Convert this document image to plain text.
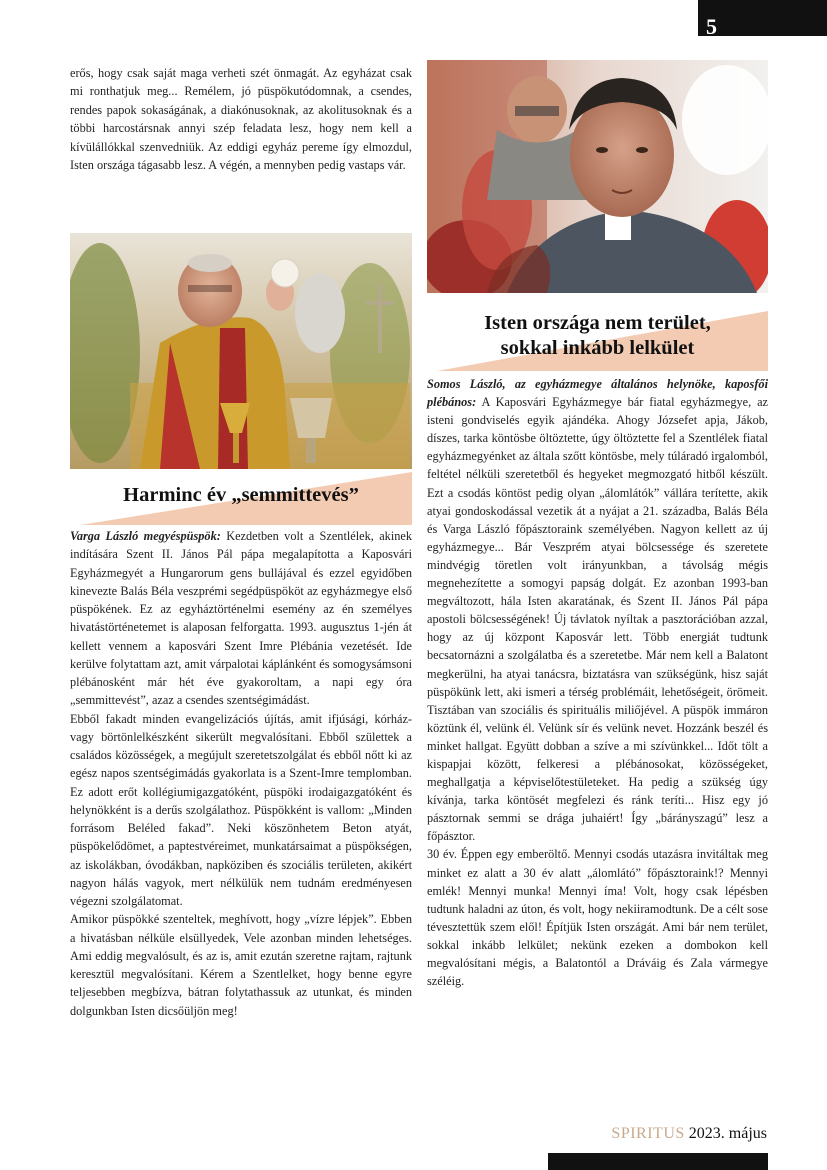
5
erős, hogy csak saját maga verheti szét önmagát. Az egyházat csak mi ronthatjuk meg... Remélem, jó püspökutódomnak, a csendes, rendes papok sokaságának, a diakónusoknak, az akolitusoknak és a többi harcostársnak annyi szép feladata lesz, hogy nem kell a kívülállókkal szenvedniük. Az eddigi egyház pereme így elmozdul, Isten országa tágasabb lesz. A végén, a mennyben pedig vastaps vár.
Isten országa nem terület,
sokkal inkább lelkület
Harminc év „semmittevés”

Varga László megyéspüspök: Kezdetben volt a Szentlélek, akinek indítására Szent II. János Pál pápa megalapította a Kaposvári Egyházmegyét a Hungarorum gens bullájával és ezzel egyidőben kinevezte Balás Béla veszprémi segédpüspököt az egyházmegye első püspökének. Ez az egyháztörténelmi esemény az én személyes hivatástörténetemet is alaposan felforgatta. 1993. augusztus 1-jén át kellett vennem a kaposvári Szent Imre Plébánia vezetését. Ide kerülve folytattam azt, amit várpalotai káplánként és somogysámsoni plébánosként már hét éve gyakoroltam, a napi egy óra „semmittevést”, azaz a csendes szentségimádást.

Ebből fakadt minden evangelizációs újítás, amit ifjúsági, kórház- vagy börtönlelkészként sikerült megvalósítani. Ebből születtek a családos közösségek, a megújult szeretetszolgálat és ebből nőtt ki az egész napos szentségimádás gyakorlata is a Szent-Imre templomban. Ez adott erőt kollégiumigazgatóként, püspöki irodaigazgatóként és helynökként is a derűs szolgálathoz. Püspökként is vallom: „Minden forrásom Beléled fakad”. Neki köszönhetem Beton atyát, püspökelődömet, a paptestvéreimet, munkatársaimat a püspökségen, az iskolákban, óvodákban, napköziben és szociális területen, akikért nagyon hálás vagyok, mert nélkülük nem tudnám eredményesen végezni szolgálatomat.

Amikor püspökké szenteltek, meghívott, hogy „vízre lépjek”. Ebben a hivatásban nélküle elsüllyedek, Vele azonban minden lehetséges. Ami eddig megvalósult, és az is, amit ezután szeretne rajtam, rajtunk keresztül megvalósítani. Kérem a Szentlelket, hogy benne egyre teljesebben megbízva, bátran folytathassuk az utunkat, és minden dolgunkban Isten dicsőüljön meg!

Somos László, az egyházmegye általános helynöke, kaposfői plébános: A Kaposvári Egyházmegye bár fiatal egyházmegye, az isteni gondviselés egyik ajándéka. Ahogy Józsefet apja, Jákob, díszes, tarka köntösbe öltöztette, úgy öltöztette fel a Szentlélek fiatal egyházmegyénket az általa szőtt köntösbe, mely túláradó irgalomból, feltétel nélküli szeretetből és hegyeket megmozgató hitből készült. Ezt a csodás köntöst pedig olyan „álomlátók” vállára terítette, akik atyai gondoskodással vezetik át a nyájat a 21. századba, Balás Béla és Varga László főpásztoraink személyében. Nagyon kellett az új egyházmegye... Bár Veszprém atyai bölcsessége és szeretete mindvégig töretlen volt irányunkban, a távolság mégis megnehezítette a somogyi papság dolgát. Ez azonban 1993-ban megváltozott, hála Isten akaratának, és Szent II. János Pál pápa apostoli bölcsességének! Új távlatok nyíltak a pasztorációban azzal, hogy az új központ Kaposvár lett. Több energiát tudtunk becsatornázni a szolgálatba és a szeretetbe. Már nem kell a Balatont megkerülni, ha atyai tanácsra, biztatásra van szükségünk, hisz saját püspökünk lett, aki ismeri a térség problémáit, lehetőségeit, örömeit. Tisztában van szociális és spirituális miliőjével. A püspök immáron köztünk él, velünk él. Velünk sír és velünk nevet. Hozzánk beszél és minket hallgat. Együtt dobban a szíve a mi szívünkkel... Időt tölt a kispapjai között, felkeresi a plébánosokat, közösségeket, meghallgatja a képviselőtestületeket. Ha pedig a szükség úgy kívánja, tarka köntösét megfelezi és ránk teríti... Hisz egy jó pásztornak semmi se drága juhaiért! Így „bárányszagú” lesz a főpásztor.

30 év. Éppen egy emberöltő. Mennyi csodás utazásra invitáltak meg minket ez alatt a 30 év alatt „álomlátó” főpásztoraink!? Mennyi emlék! Mennyi munka! Mennyi íma! Volt, hogy csak lépésben tudtunk haladni az úton, és volt, hogy nekiiramodtunk. De a célt sose tévesztettük szem elől! Építjük Isten országát. Ami bár nem terület, sokkal inkább lelkület; nekünk ezeken a dombokon kell megvalósítani mégis, a Balatontól a Dráváig és Zala vármegye széléig.

SPIRITUS 2023. május
